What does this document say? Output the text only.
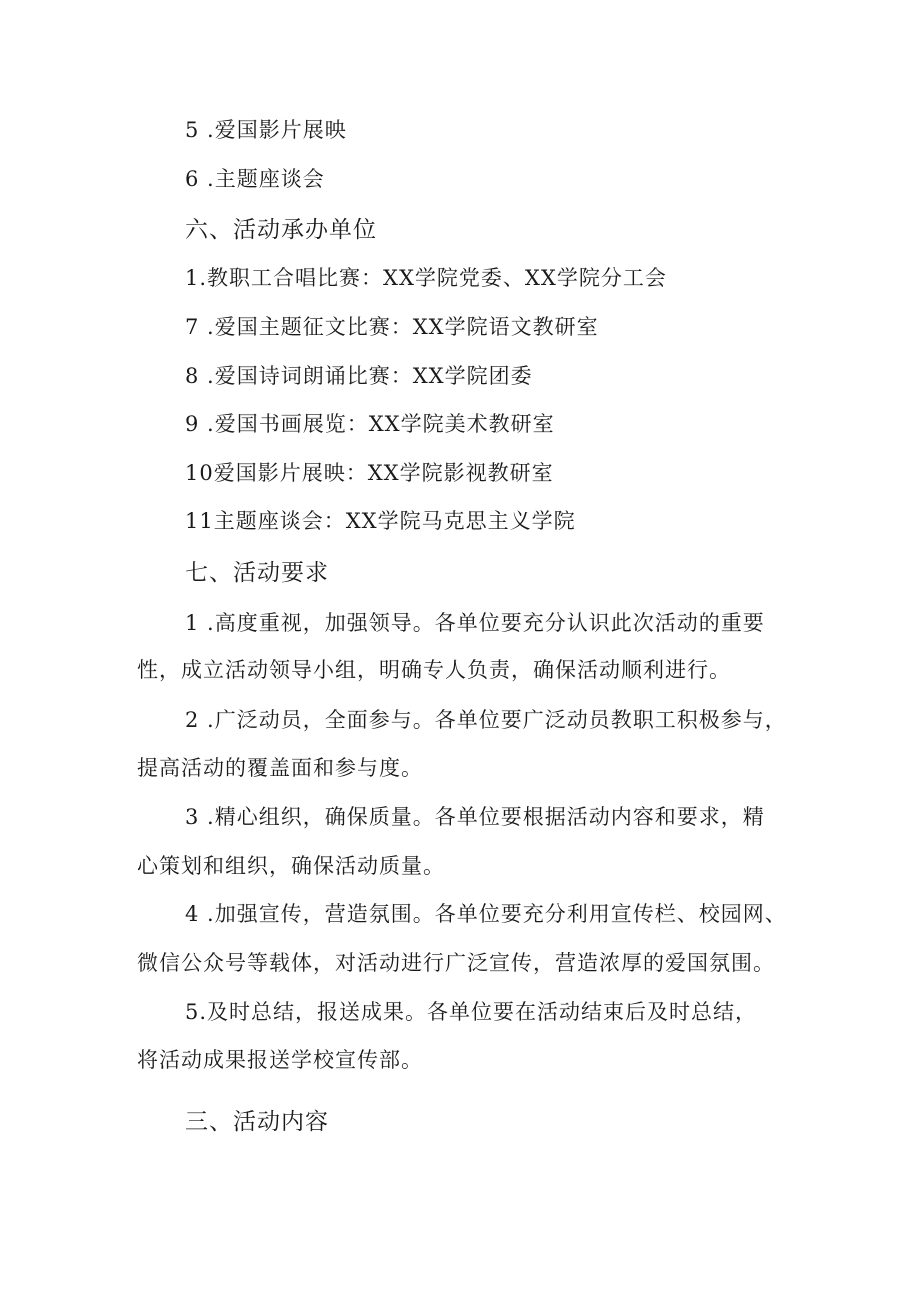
5 .爱国影片展映
6 .主题座谈会
六、活动承办单位
1.教职工合唱比赛：XX学院党委、XX学院分工会
7 .爱国主题征文比赛：XX学院语文教研室
8 .爱国诗词朗诵比赛：XX学院团委
9 .爱国书画展览：XX学院美术教研室
10爱国影片展映：XX学院影视教研室
11主题座谈会：XX学院马克思主义学院
七、活动要求
1 .高度重视，加强领导。各单位要充分认识此次活动的重要
性，成立活动领导小组，明确专人负责，确保活动顺利进行。
2 .广泛动员，全面参与。各单位要广泛动员教职工积极参与，
提高活动的覆盖面和参与度。
3 .精心组织，确保质量。各单位要根据活动内容和要求，精
心策划和组织，确保活动质量。
4 .加强宣传，营造氛围。各单位要充分利用宣传栏、校园网、
微信公众号等载体，对活动进行广泛宣传，营造浓厚的爱国氛围。
5.及时总结，报送成果。各单位要在活动结束后及时总结，
将活动成果报送学校宣传部。
三、活动内容
